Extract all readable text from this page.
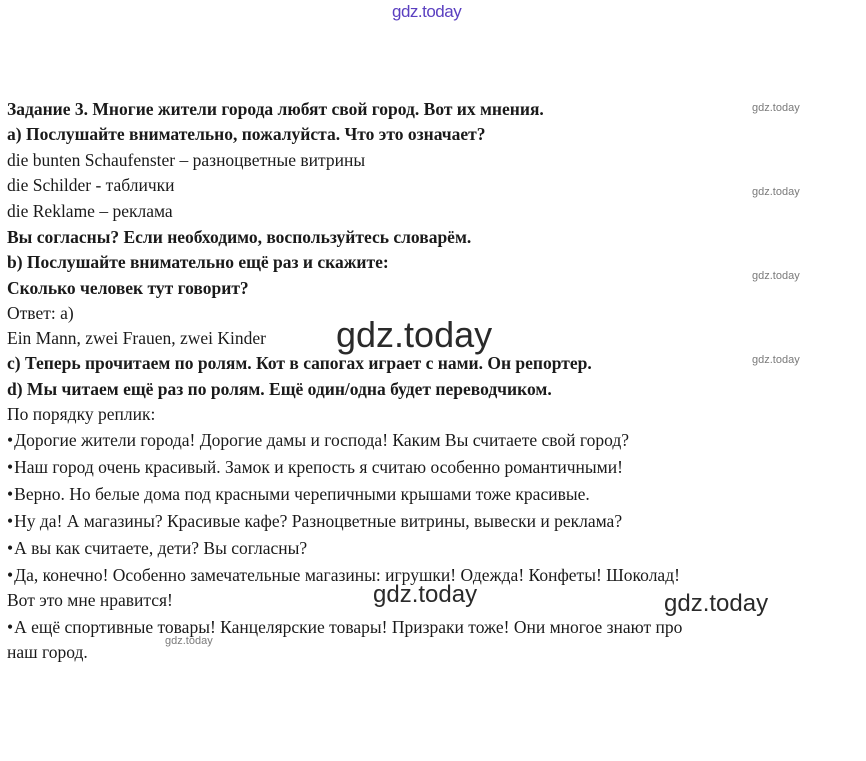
gdz.today
gdz.today
gdz.today
gdz.today
gdz.today
gdz.today
Задание 3. Многие жители города любят свой город. Вот их мнения.
a) Послушайте внимательно, пожалуйста. Что это означает?
die bunten Schaufenster – разноцветные витрины
die Schilder - таблички
die Reklame – реклама
Вы согласны? Если необходимо, воспользуйтесь словарём.
b) Послушайте внимательно ещё раз и скажите:
Сколько человек тут говорит?
Ответ: a)
Ein Mann, zwei Frauen, zwei Kinder
c) Теперь прочитаем по ролям. Кот в сапогах играет с нами. Он репортер.
d) Мы читаем ещё раз по ролям. Ещё один/одна будет переводчиком.
По порядку реплик:
• Дорогие жители города! Дорогие дамы и господа! Каким Вы считаете свой город?
• Наш город очень красивый. Замок и крепость я считаю особенно романтичными!
• Верно. Но белые дома под красными черепичными крышами тоже красивые.
• Ну да! А магазины? Красивые кафе? Разноцветные витрины, вывески и реклама?
• А вы как считаете, дети? Вы согласны?
• Да, конечно! Особенно замечательные магазины: игрушки! Одежда! Конфеты! Шоколад!
Вот это мне нравится!
• А ещё спортивные товары! Канцелярские товары! Призраки тоже! Они многое знают про
наш город.
gdz.today
gdz.today	gdz.today
